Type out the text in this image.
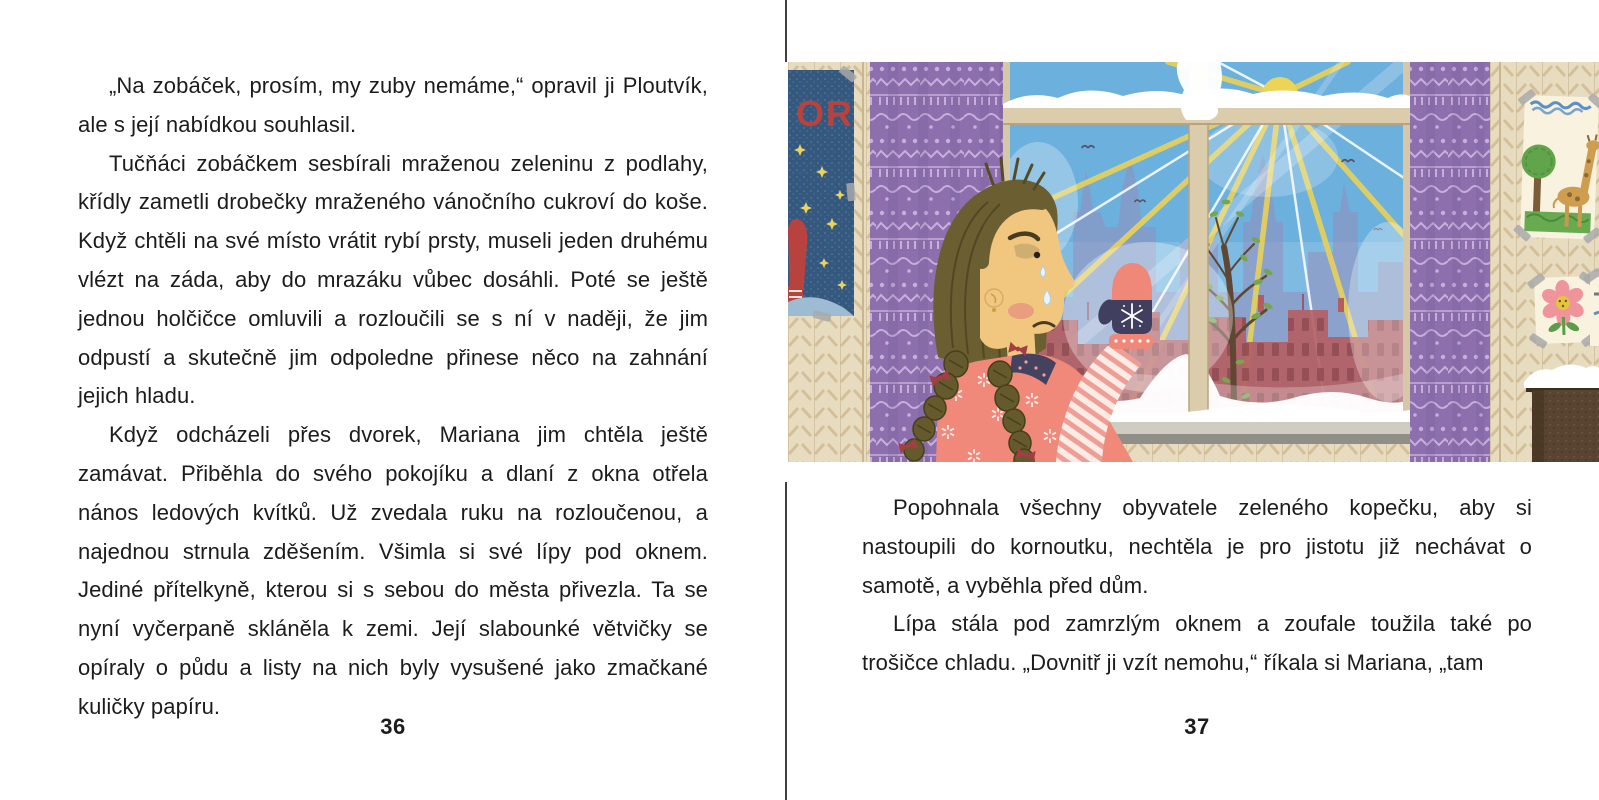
„Na zobáček, prosím, my zuby nemáme,“ opravil ji Ploutvík, ale s její nabídkou souhlasil.

Tučňáci zobáčkem sesbírali mraženou zeleninu z podlahy, křídly zametli drobečky mraženého vánočního cukroví do koše. Když chtěli na své místo vrátit rybí prsty, museli jeden druhému vlézt na záda, aby do mrazáku vůbec dosáhli. Poté se ještě jednou holčičce omluvili a rozloučili se s ní v naději, že jim odpustí a skutečně jim odpoledne přinese něco na zahnání jejich hladu.

Když odcházeli přes dvorek, Mariana jim chtěla ještě zamávat. Přiběhla do svého pokojíku a dlaní z okna otřela nános ledových kvítků. Už zvedala ruku na rozloučenou, a najednou strnula zděšením. Všimla si své lípy pod oknem. Jediné přítelkyně, kterou si s sebou do města přivezla. Ta se nyní vyčerpaně skláněla k zemi. Její slabounké větvičky se opíraly o půdu a listy na nich byly vysušené jako zmačkané kuličky papíru.

36
OR

Popohnala všechny obyvatele zeleného kopečku, aby si nastoupili do kornoutku, nechtěla je pro jistotu již nechávat o samotě, a vyběhla před dům.

Lípa stála pod zamrzlým oknem a zoufale toužila také po trošičce chladu. „Dovnitř ji vzít nemohu,“ říkala si Mariana, „tam

37
